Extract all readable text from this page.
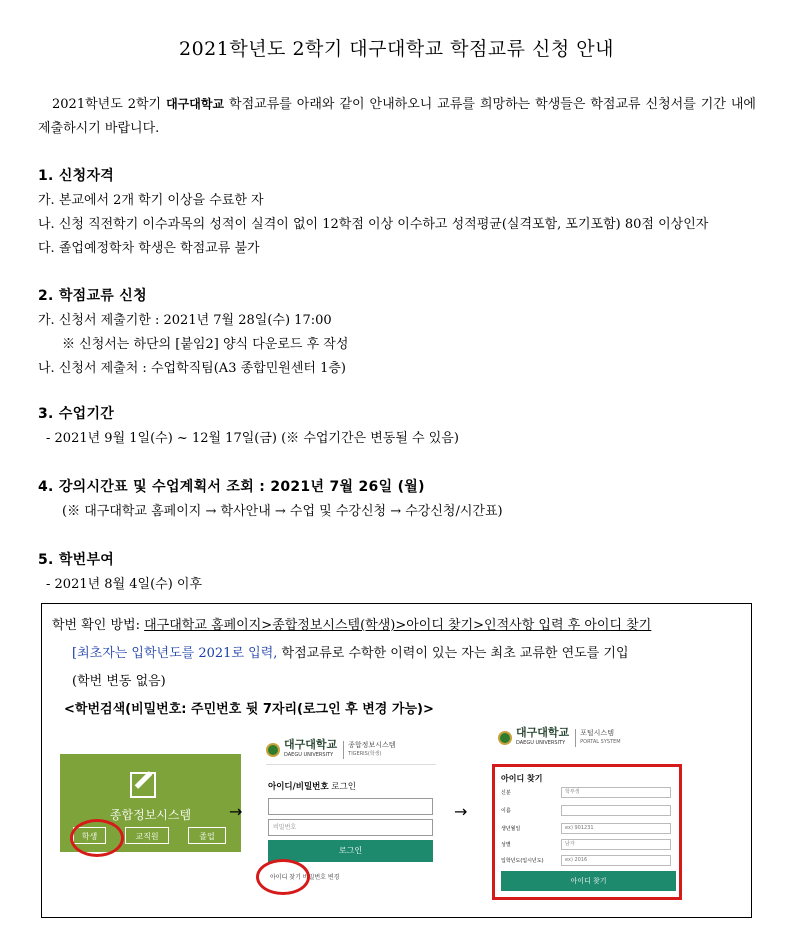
2021학년도 2학기 대구대학교 학점교류 신청 안내

2021학년도 2학기 대구대학교 학점교류를 아래와 같이 안내하오니 교류를 희망하는 학생들은 학점교류 신청서를 기간 내에 제출하시기 바랍니다.

1. 신청자격
가. 본교에서 2개 학기 이상을 수료한 자
나. 신청 직전학기 이수과목의 성적이 실격이 없이 12학점 이상 이수하고 성적평균(실격포함, 포기포함) 80점 이상인자
다. 졸업예정학차 학생은 학점교류 불가
2. 학점교류 신청
가. 신청서 제출기한 : 2021년 7월 28일(수) 17:00
※ 신청서는 하단의 [붙임2] 양식 다운로드 후 작성
나. 신청서 제출처 : 수업학직팀(A3 종합민원센터 1층)
3. 수업기간
- 2021년 9월 1일(수) ~ 12월 17일(금) (※ 수업기간은 변동될 수 있음)
4. 강의시간표 및 수업계획서 조회 : 2021년 7월 26일 (월)
(※ 대구대학교 홈페이지 → 학사안내 → 수업 및 수강신청 → 수강신청/시간표)
5. 학번부여
- 2021년 8월 4일(수) 이후
학번 확인 방법: 대구대학교 홈페이지>종합정보시스템(학생)>아이디 찾기>인적사항 입력 후 아이디 찾기
[최초자는 입학년도를 2021로 입력, 학점교류로 수학한 이력이 있는 자는 최초 교류한 연도를 기입
(학번 변동 없음)
<학번검색(비밀번호: 주민번호 뒷 7자리(로그인 후 변경 가능)>
종합정보시스템
학생	교직원	졸업
→
대구대학교
DAEGU UNIVERSITY
종합정보시스템
TIGERIS(학생)
아이디/비밀번호 로그인
비밀번호
로그인
아이디 찾기 비밀번호 변경
→
대구대학교
DAEGU UNIVERSITY
포털시스템
PORTAL SYSTEM
아이디 찾기
신분	학부생
이름
생년월일	ex) 901231
성별	남자
입학년도(입시년도)	ex) 2016
아이디 찾기
